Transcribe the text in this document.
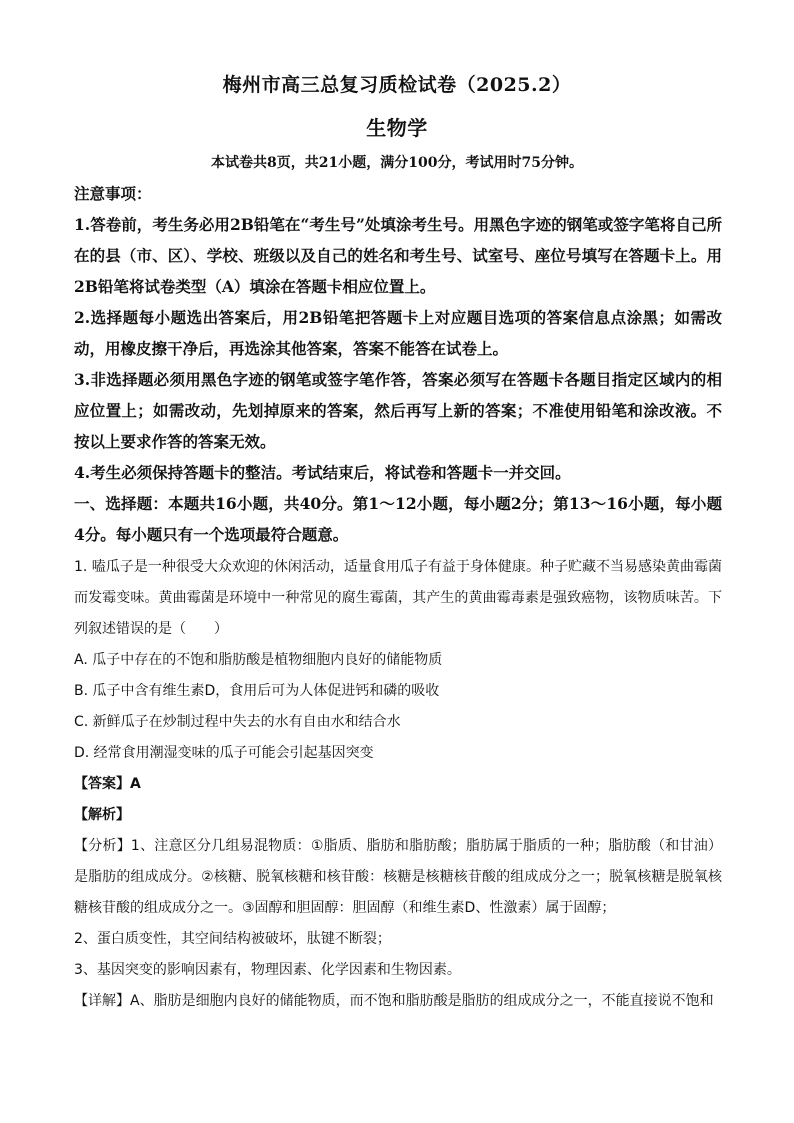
梅州市高三总复习质检试卷（2025.2）
生物学
本试卷共8页，共21小题，满分100分，考试用时75分钟。
注意事项：
1.答卷前，考生务必用2B铅笔在“考生号”处填涂考生号。用黑色字迹的钢笔或签字笔将自己所在的县（市、区）、学校、班级以及自己的姓名和考生号、试室号、座位号填写在答题卡上。用2B铅笔将试卷类型（A）填涂在答题卡相应位置上。
2.选择题每小题选出答案后，用2B铅笔把答题卡上对应题目选项的答案信息点涂黑；如需改动，用橡皮擦干净后，再选涂其他答案，答案不能答在试卷上。
3.非选择题必须用黑色字迹的钢笔或签字笔作答，答案必须写在答题卡各题目指定区域内的相应位置上；如需改动，先划掉原来的答案，然后再写上新的答案；不准使用铅笔和涂改液。不按以上要求作答的答案无效。
4.考生必须保持答题卡的整洁。考试结束后，将试卷和答题卡一并交回。
一、选择题：本题共16小题，共40分。第1～12小题，每小题2分；第13～16小题，每小题4分。每小题只有一个选项最符合题意。
1. 嗑瓜子是一种很受大众欢迎的休闲活动，适量食用瓜子有益于身体健康。种子贮藏不当易感染黄曲霉菌而发霉变味。黄曲霉菌是环境中一种常见的腐生霉菌，其产生的黄曲霉毒素是强致癌物，该物质味苦。下列叙述错误的是（　　）
A. 瓜子中存在的不饱和脂肪酸是植物细胞内良好的储能物质
B. 瓜子中含有维生素D，食用后可为人体促进钙和磷的吸收
C. 新鲜瓜子在炒制过程中失去的水有自由水和结合水
D. 经常食用潮湿变味的瓜子可能会引起基因突变
【答案】A
【解析】
【分析】1、注意区分几组易混物质：①脂质、脂肪和脂肪酸；脂肪属于脂质的一种；脂肪酸（和甘油）是脂肪的组成成分。②核糖、脱氧核糖和核苷酸：核糖是核糖核苷酸的组成成分之一；脱氧核糖是脱氧核糖核苷酸的组成成分之一。③固醇和胆固醇：胆固醇（和维生素D、性激素）属于固醇；
2、蛋白质变性，其空间结构被破坏，肽键不断裂；
3、基因突变的影响因素有，物理因素、化学因素和生物因素。
【详解】A、脂肪是细胞内良好的储能物质，而不饱和脂肪酸是脂肪的组成成分之一，不能直接说不饱和
